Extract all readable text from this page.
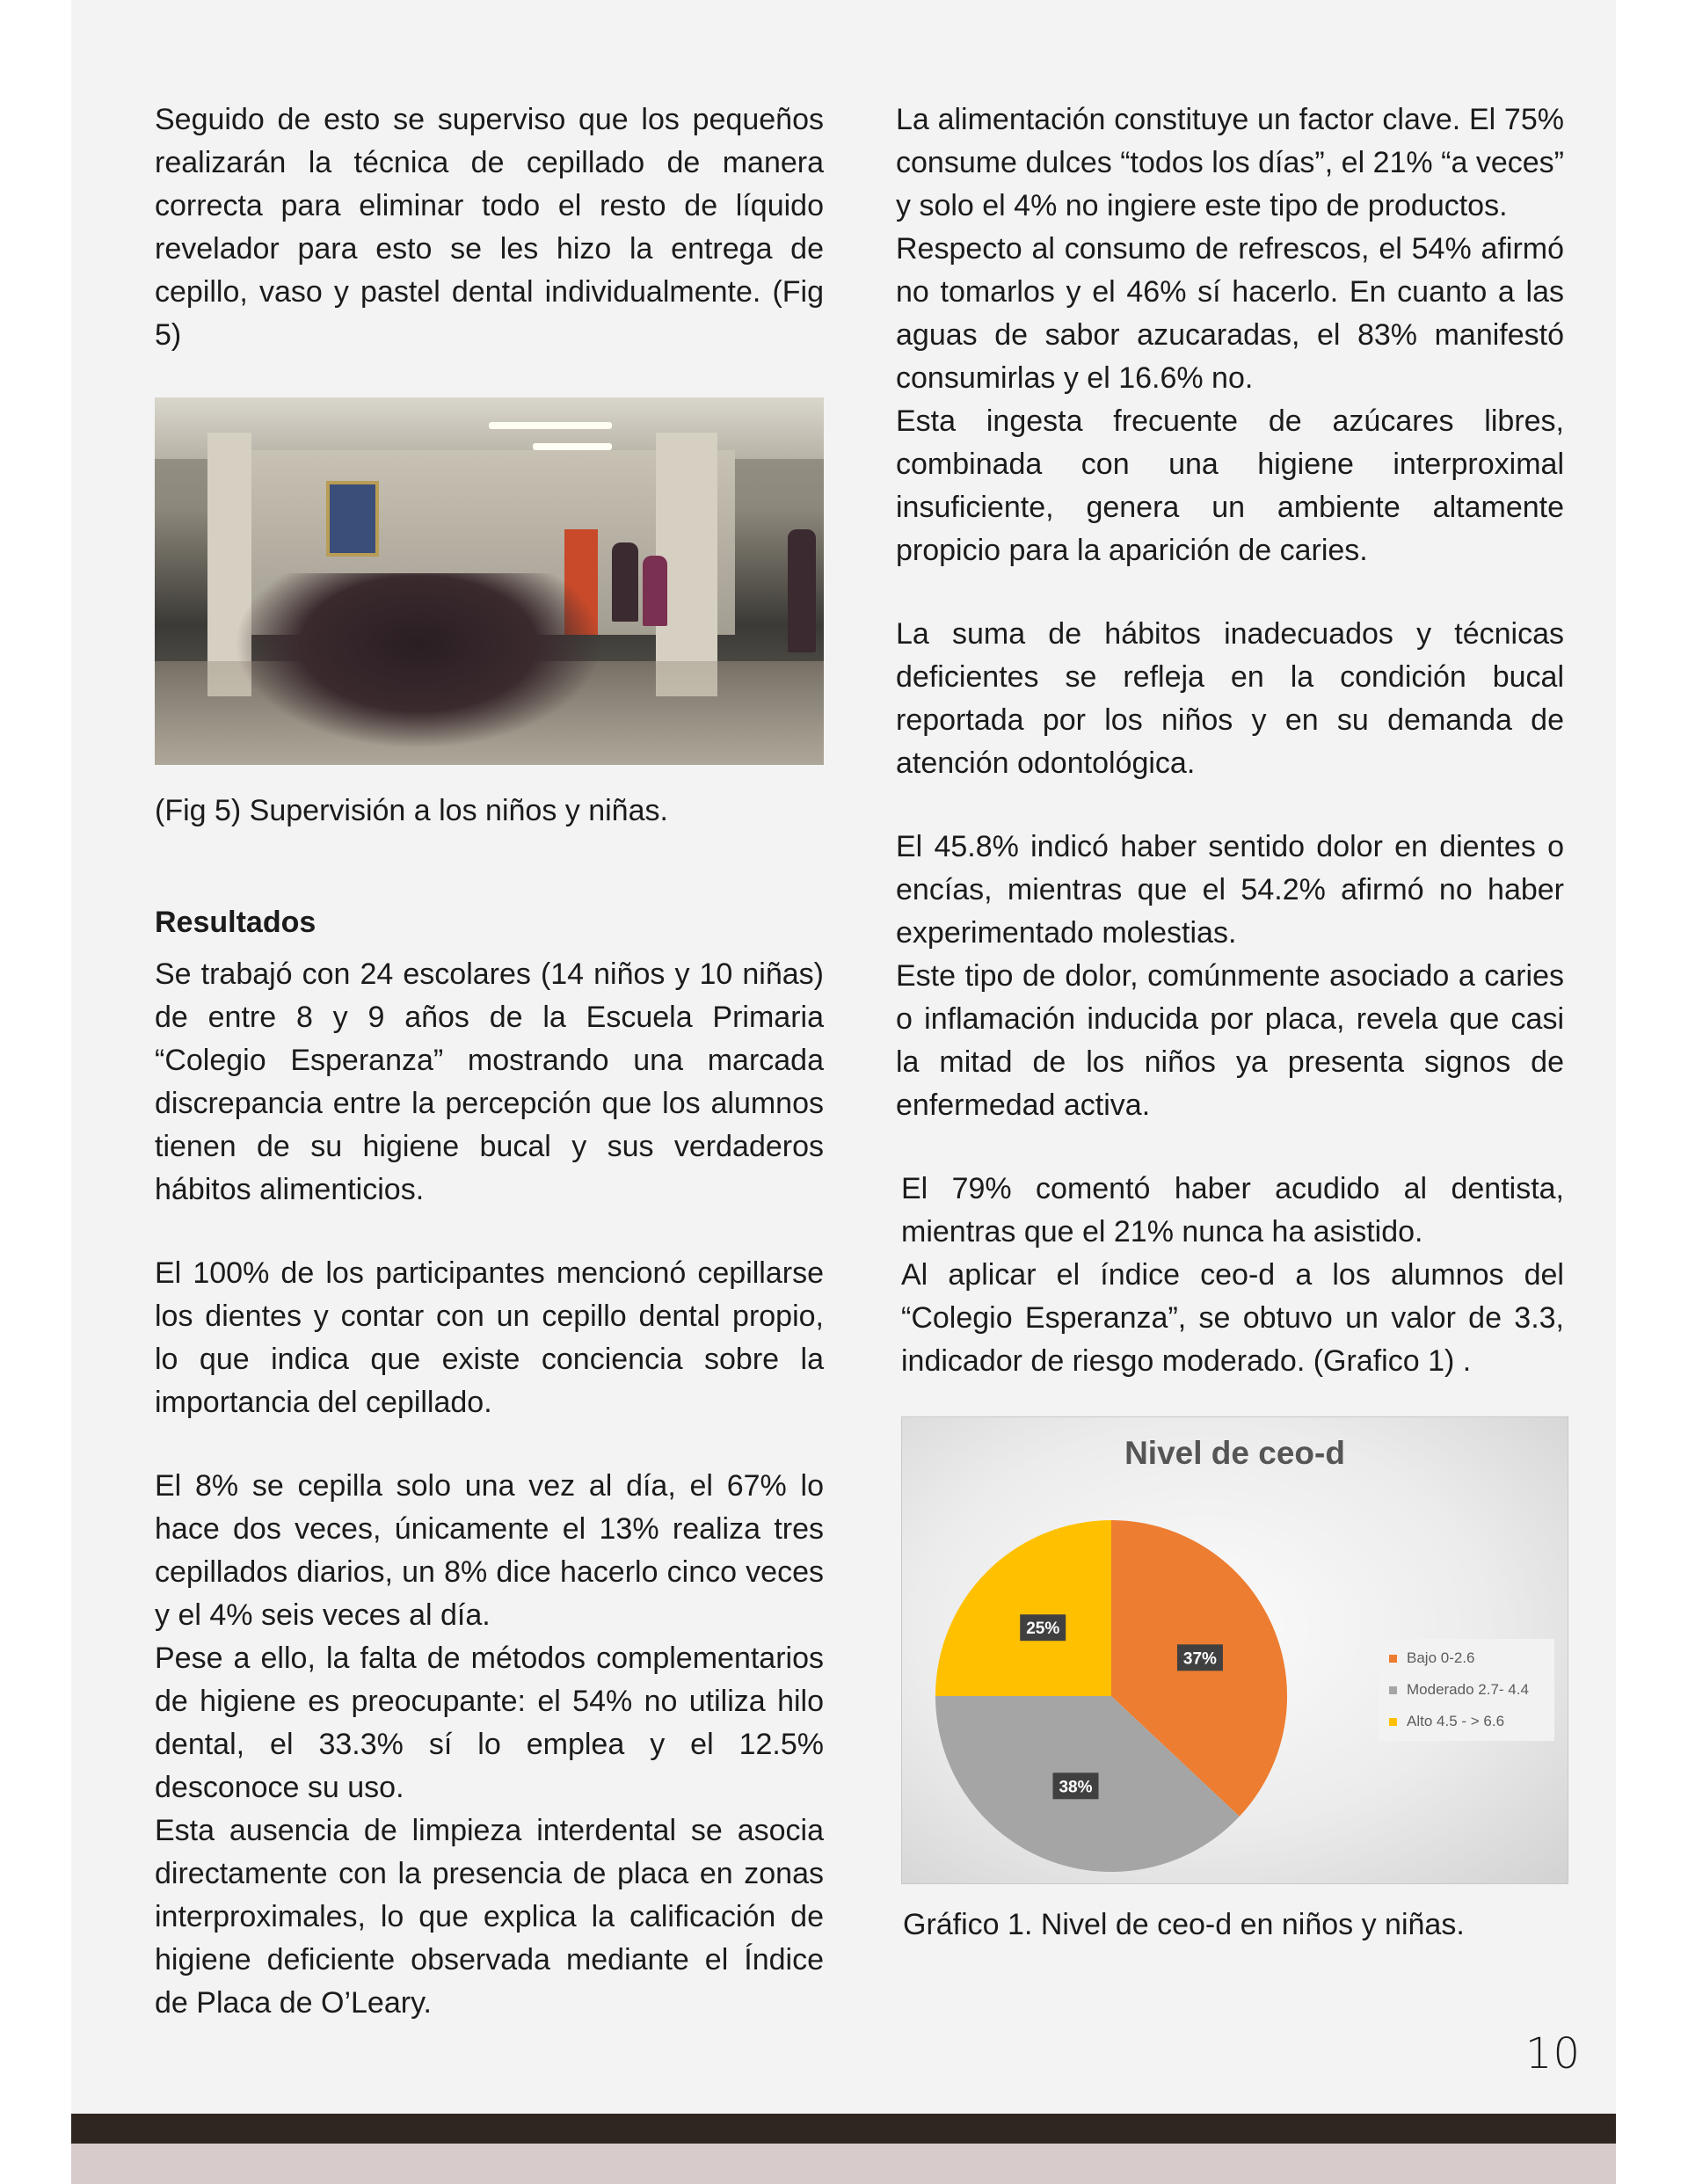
Seguido de esto se superviso que los pequeños realizarán la técnica de cepillado de manera correcta para eliminar todo el resto de líquido revelador para esto se les hizo la entrega de cepillo, vaso y pastel dental individualmente. (Fig 5)

(Fig 5) Supervisión a los niños y niñas.

Resultados

Se trabajó con 24 escolares (14 niños y 10 niñas) de entre 8 y 9 años de la Escuela Primaria “Colegio Esperanza” mostrando una marcada discrepancia entre la percepción que los alumnos tienen de su higiene bucal y sus verdaderos hábitos alimenticios.

El 100% de los participantes mencionó cepillarse los dientes y contar con un cepillo dental propio, lo que indica que existe conciencia sobre la importancia del cepillado.

El 8% se cepilla solo una vez al día, el 67% lo hace dos veces, únicamente el 13% realiza tres cepillados diarios, un 8% dice hacerlo cinco veces y el 4% seis veces al día.

Pese a ello, la falta de métodos complementarios de higiene es preocupante: el 54% no utiliza hilo dental, el 33.3% sí lo emplea y el 12.5% desconoce su uso.

Esta ausencia de limpieza interdental se asocia directamente con la presencia de placa en zonas interproximales, lo que explica la calificación de higiene deficiente observada mediante el Índice de Placa de O’Leary.

La alimentación constituye un factor clave. El 75% consume dulces “todos los días”, el 21% “a veces” y solo el 4% no ingiere este tipo de productos.

Respecto al consumo de refrescos, el 54% afirmó no tomarlos y el 46% sí hacerlo. En cuanto a las aguas de sabor azucaradas, el 83% manifestó consumirlas y el 16.6% no.

Esta ingesta frecuente de azúcares libres, combinada con una higiene interproximal insuficiente, genera un ambiente altamente propicio para la aparición de caries.

La suma de hábitos inadecuados y técnicas deficientes se refleja en la condición bucal reportada por los niños y en su demanda de atención odontológica.

El 45.8% indicó haber sentido dolor en dientes o encías, mientras que el 54.2% afirmó no haber experimentado molestias.

Este tipo de dolor, comúnmente asociado a caries o inflamación inducida por placa, revela que casi la mitad de los niños ya presenta signos de enfermedad activa.

El 79% comentó haber acudido al dentista, mientras que el 21% nunca ha asistido.

Al aplicar el índice ceo-d a los alumnos del “Colegio Esperanza”, se obtuvo un valor de 3.3, indicador de riesgo moderado. (Grafico 1) .

Nivel de ceo-d
37%
38%
25%
Bajo 0-2.6
Moderado 2.7- 4.4
Alto 4.5 - > 6.6

Gráfico 1. Nivel de ceo-d en niños y niñas.

10
